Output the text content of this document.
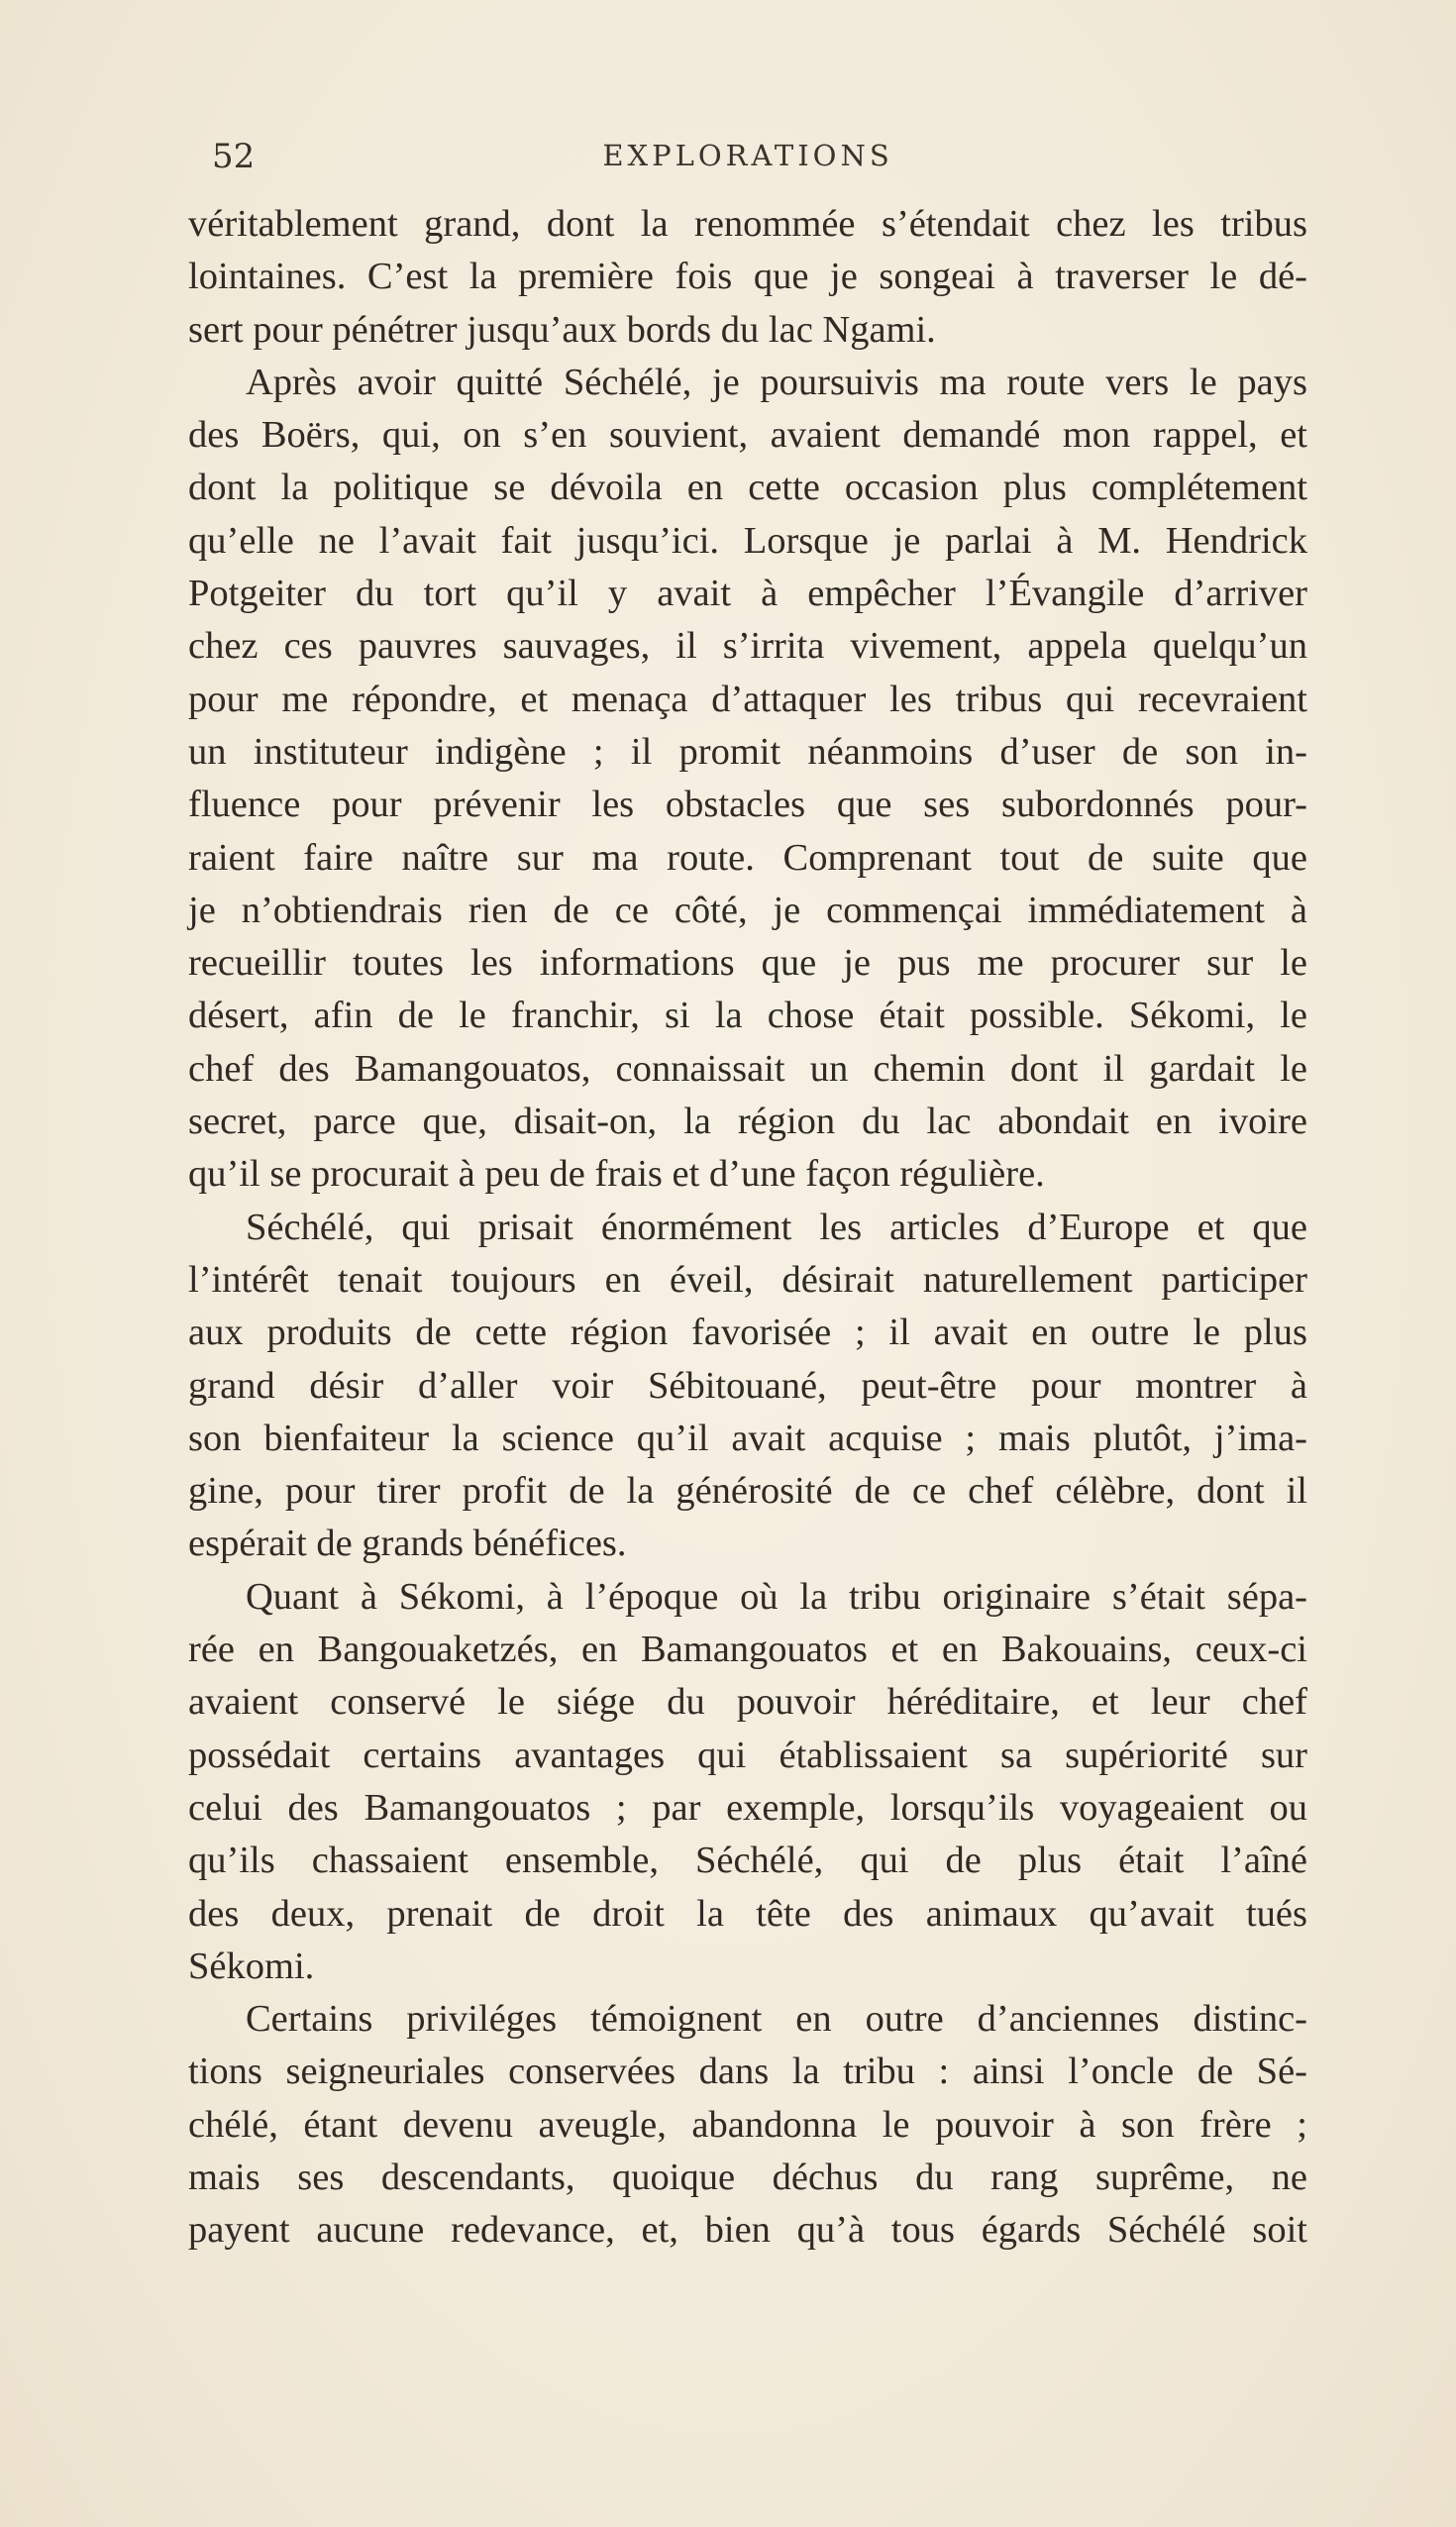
52	EXPLORATIONS
véritablement grand, dont la renommée s’étendait chez les tribus
lointaines. C’est la première fois que je songeai à traverser le dé-
sert pour pénétrer jusqu’aux bords du lac Ngami.
Après avoir quitté Séchélé, je poursuivis ma route vers le pays
des Boërs, qui, on s’en souvient, avaient demandé mon rappel, et
dont la politique se dévoila en cette occasion plus complétement
qu’elle ne l’avait fait jusqu’ici. Lorsque je parlai à M. Hendrick
Potgeiter du tort qu’il y avait à empêcher l’Évangile d’arriver
chez ces pauvres sauvages, il s’irrita vivement, appela quelqu’un
pour me répondre, et menaça d’attaquer les tribus qui recevraient
un instituteur indigène ; il promit néanmoins d’user de son in-
fluence pour prévenir les obstacles que ses subordonnés pour-
raient faire naître sur ma route. Comprenant tout de suite que
je n’obtiendrais rien de ce côté, je commençai immédiatement à
recueillir toutes les informations que je pus me procurer sur le
désert, afin de le franchir, si la chose était possible. Sékomi, le
chef des Bamangouatos, connaissait un chemin dont il gardait le
secret, parce que, disait-on, la région du lac abondait en ivoire
qu’il se procurait à peu de frais et d’une façon régulière.
Séchélé, qui prisait énormément les articles d’Europe et que
l’intérêt tenait toujours en éveil, désirait naturellement participer
aux produits de cette région favorisée ; il avait en outre le plus
grand désir d’aller voir Sébitouané, peut-être pour montrer à
son bienfaiteur la science qu’il avait acquise ; mais plutôt, j’ima-
gine, pour tirer profit de la générosité de ce chef célèbre, dont il
espérait de grands bénéfices.
Quant à Sékomi, à l’époque où la tribu originaire s’était sépa-
rée en Bangouaketzés, en Bamangouatos et en Bakouains, ceux-ci
avaient conservé le siége du pouvoir héréditaire, et leur chef
possédait certains avantages qui établissaient sa supériorité sur
celui des Bamangouatos ; par exemple, lorsqu’ils voyageaient ou
qu’ils chassaient ensemble, Séchélé, qui de plus était l’aîné
des deux, prenait de droit la tête des animaux qu’avait tués
Sékomi.
Certains priviléges témoignent en outre d’anciennes distinc-
tions seigneuriales conservées dans la tribu : ainsi l’oncle de Sé-
chélé, étant devenu aveugle, abandonna le pouvoir à son frère ;
mais ses descendants, quoique déchus du rang suprême, ne
payent aucune redevance, et, bien qu’à tous égards Séchélé soit
